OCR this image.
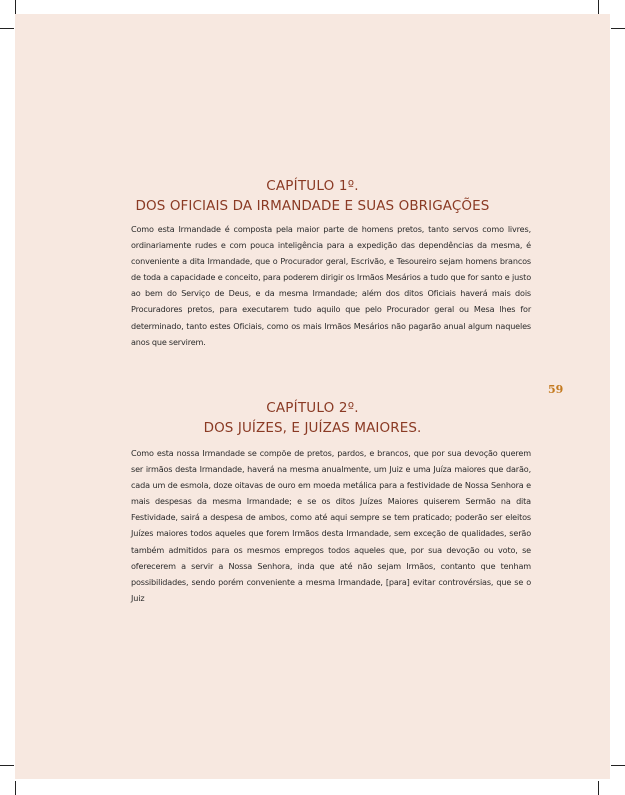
CAPÍTULO 1º.
DOS OFICIAIS DA IRMANDADE E SUAS OBRIGAÇÕES
Como esta Irmandade é composta pela maior parte de homens pretos, tanto servos como livres, ordinariamente rudes e com pouca inteligência para a expedição das dependências da mesma, é conveniente a dita Irmandade, que o Procurador geral, Escrivão, e Tesoureiro sejam homens brancos de toda a capacidade e conceito, para poderem dirigir os Irmãos Mesários a tudo que for santo e justo ao bem do Serviço de Deus, e da mesma Irmandade; além dos ditos Oficiais haverá mais dois Procuradores pretos, para executarem tudo aquilo que pelo Procurador geral ou Mesa lhes for determinado, tanto estes Oficiais, como os mais Irmãos Mesários não pagarão anual algum naqueles anos que servirem.
59
CAPÍTULO 2º.
DOS JUÍZES, E JUÍZAS MAIORES.
Como esta nossa Irmandade se compõe de pretos, pardos, e brancos, que por sua devoção querem ser irmãos desta Irmandade, haverá na mesma anualmente, um Juiz e uma Juíza maiores que darão, cada um de esmola, doze oitavas de ouro em moeda metálica para a festividade de Nossa Senhora e mais despesas da mesma Irmandade; e se os ditos Juízes Maiores quiserem Sermão na dita Festividade, sairá a despesa de ambos, como até aqui sempre se tem praticado; poderão ser eleitos Juízes maiores todos aqueles que forem Irmãos desta Irmandade, sem exceção de qualidades, serão também admitidos para os mesmos empregos todos aqueles que, por sua devoção ou voto, se oferecerem a servir a Nossa Senhora, inda que até não sejam Irmãos, contanto que tenham possibilidades, sendo porém conveniente a mesma Irmandade, [para] evitar controvérsias, que se o Juiz
